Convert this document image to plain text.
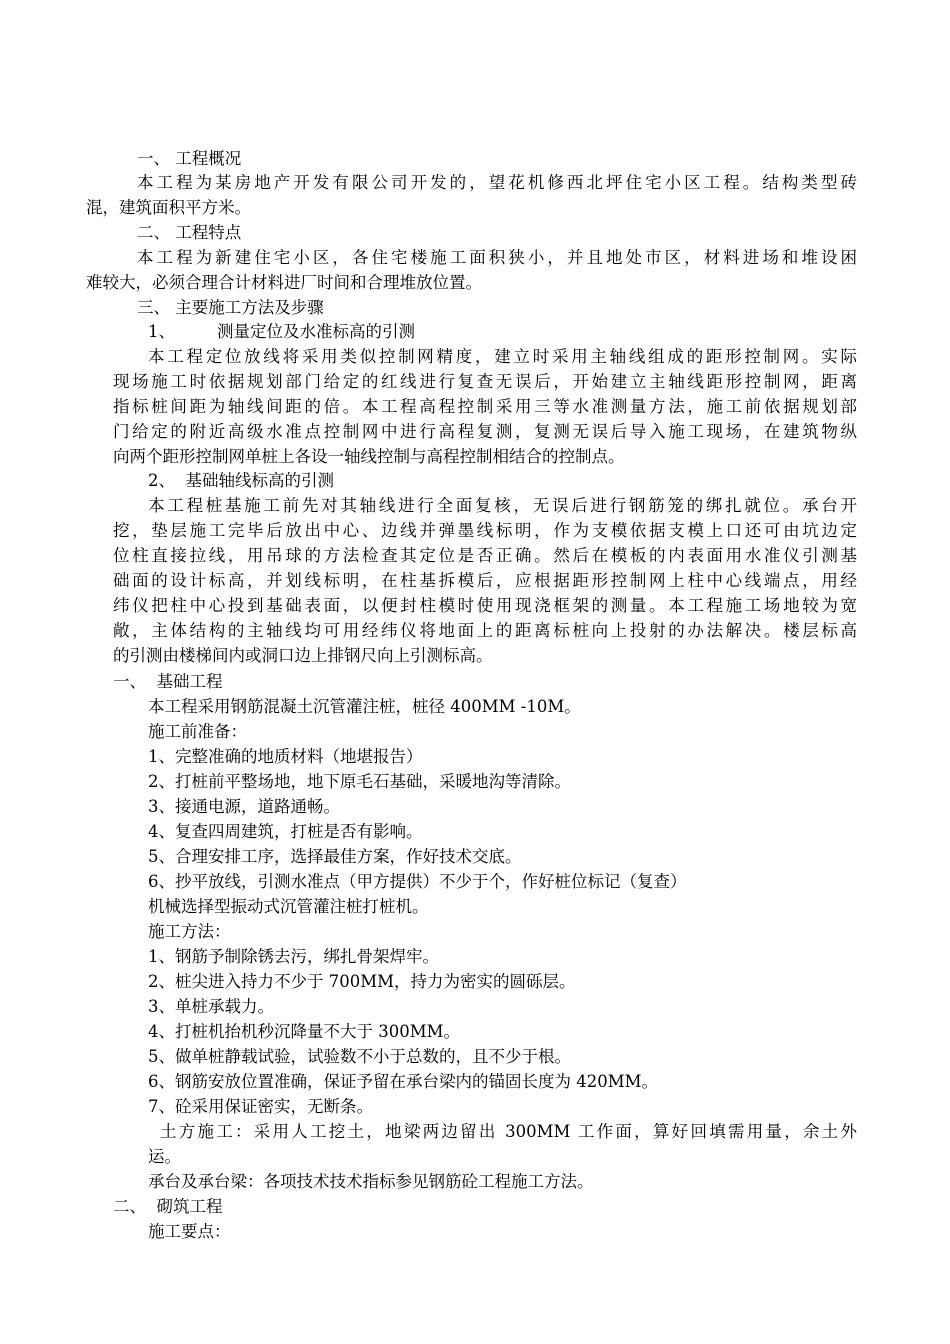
一、 工程概况
本工程为某房地产开发有限公司开发的，望花机修西北坪住宅小区工程。结构类型砖
混，建筑面积平方米。
二、 工程特点
本工程为新建住宅小区，各住宅楼施工面积狭小，并且地处市区，材料进场和堆设困
难较大，必须合理合计材料进厂时间和合理堆放位置。
三、 主要施工方法及步骤
1、        测量定位及水准标高的引测
本工程定位放线将采用类似控制网精度，建立时采用主轴线组成的距形控制网。实际
现场施工时依据规划部门给定的红线进行复查无误后，开始建立主轴线距形控制网，距离
指标桩间距为轴线间距的倍。本工程高程控制采用三等水准测量方法，施工前依据规划部
门给定的附近高级水准点控制网中进行高程复测，复测无误后导入施工现场，在建筑物纵
向两个距形控制网单桩上各设一轴线控制与高程控制相结合的控制点。
2、  基础轴线标高的引测
本工程桩基施工前先对其轴线进行全面复核，无误后进行钢筋笼的绑扎就位。承台开
挖，垫层施工完毕后放出中心、边线并弹墨线标明，作为支模依据支模上口还可由坑边定
位柱直接拉线，用吊球的方法检查其定位是否正确。然后在模板的内表面用水准仪引测基
础面的设计标高，并划线标明，在柱基拆模后，应根据距形控制网上柱中心线端点，用经
纬仪把柱中心投到基础表面，以便封柱模时使用现浇框架的测量。本工程施工场地较为宽
敞，主体结构的主轴线均可用经纬仪将地面上的距离标桩向上投射的办法解决。楼层标高
的引测由楼梯间内或洞口边上排钢尺向上引测标高。
一、  基础工程
本工程采用钢筋混凝土沉管灌注桩，桩径 400MM -10M。
施工前准备：
1、完整准确的地质材料（地堪报告）
2、打桩前平整场地，地下原毛石基础，采暖地沟等清除。
3、接通电源，道路通畅。
4、复查四周建筑，打桩是否有影响。
5、合理安排工序，选择最佳方案，作好技术交底。
6、抄平放线，引测水准点（甲方提供）不少于个，作好桩位标记（复查）
机械选择型振动式沉管灌注桩打桩机。
施工方法：
1、钢筋予制除锈去污，绑扎骨架焊牢。
2、桩尖进入持力不少于 700MM，持力为密实的圆砾层。
3、单桩承载力。
4、打桩机抬机秒沉降量不大于 300MM。
5、做单桩静载试验，试验数不小于总数的，且不少于根。
6、钢筋安放位置准确，保证予留在承台梁内的锚固长度为 420MM。
7、砼采用保证密实，无断条。
土方施工：采用人工挖土，地梁两边留出 300MM 工作面，算好回填需用量，余土外
运。
承台及承台梁：各项技术技术指标参见钢筋砼工程施工方法。
二、  砌筑工程
施工要点：
